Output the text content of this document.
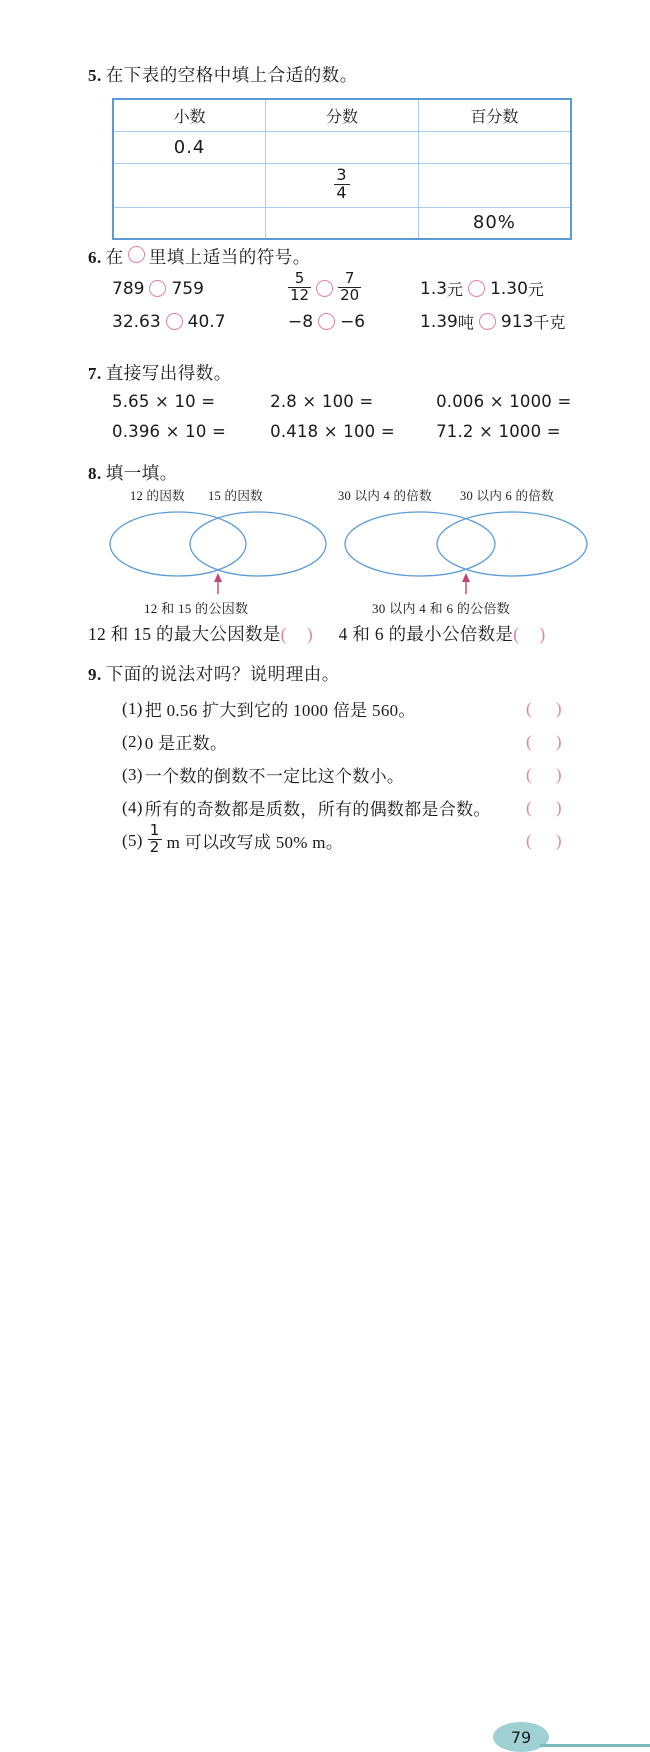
5. 在下表的空格中填上合适的数。
小数	分数	百分数
0.4		

	$\frac{3}{4}$

		80%
6. 在 里填上适当的符号。
789 759	$\frac{5}{12} \frac{7}{20}$	1.3 元 1.30 元
32.63 40.7	−8 −6	1.39 吨 913 千克
7. 直接写出得数。
5.65 × 10 =	2.8 × 100 =	0.006 × 1000 =
0.396 × 10 =	0.418 × 100 =	71.2 × 1000 =
8. 填一填。
12 的因数 15 的因数	30 以内 4 的倍数 30 以内 6 的倍数
12 和 15 的公因数	30 以内 4 和 6 的公倍数
12 和 15 的最大公因数是( ) 4 和 6 的最小公倍数是( )
9. 下面的说法对吗？说明理由。
(1) 把 0.56 扩大到它的 1000 倍是 560。	( )
(2) 0 是正数。	( )
(3) 一个数的倒数不一定比这个数小。	( )
(4) 所有的奇数都是质数，所有的偶数都是合数。 ( )
$(5) \frac{1}{2}$ m 可以改写成 50% m。	( )
79
